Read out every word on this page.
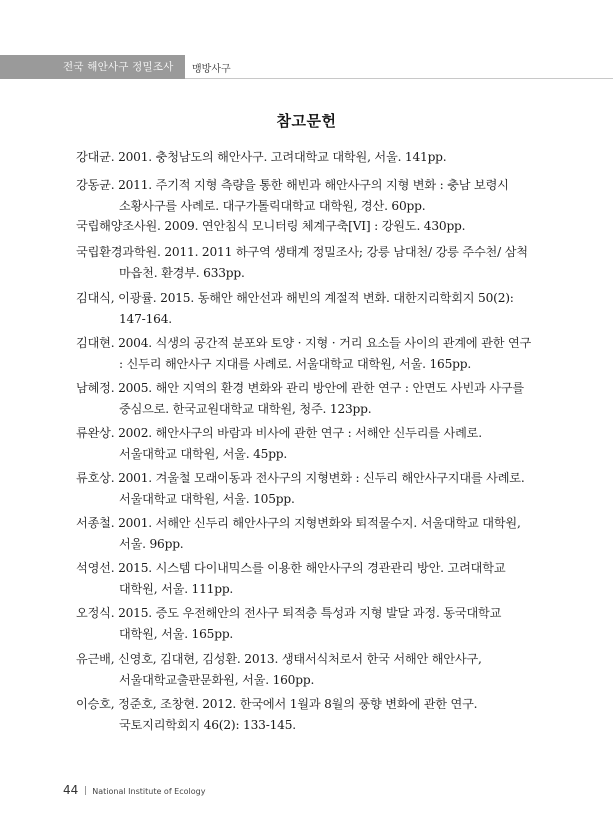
전국 해안사구 정밀조사 맹방사구
참고문헌
강대균. 2001. 충청남도의 해안사구. 고려대학교 대학원, 서울. 141pp.
강동균. 2011. 주기적 지형 측량을 통한 해빈과 해안사구의 지형 변화 : 충남 보령시
소황사구를 사례로. 대구가톨릭대학교 대학원, 경산. 60pp.
국립해양조사원. 2009. 연안침식 모니터링 체계구축[VI] : 강원도. 430pp.
국립환경과학원. 2011. 2011 하구역 생태계 정밀조사; 강릉 남대천/ 강릉 주수천/ 삼척
마읍천. 환경부. 633pp.
김대식, 이광률. 2015. 동해안 해안선과 해빈의 계절적 변화. 대한지리학회지 50(2):
147-164.
김대현. 2004. 식생의 공간적 분포와 토양 · 지형 · 거리 요소들 사이의 관계에 관한 연구
: 신두리 해안사구 지대를 사례로. 서울대학교 대학원, 서울. 165pp.
남혜정. 2005. 해안 지역의 환경 변화와 관리 방안에 관한 연구 : 안면도 사빈과 사구를
중심으로. 한국교원대학교 대학원, 청주. 123pp.
류완상. 2002. 해안사구의 바람과 비사에 관한 연구 : 서해안 신두리를 사례로.
서울대학교 대학원, 서울. 45pp.
류호상. 2001. 겨울철 모래이동과 전사구의 지형변화 : 신두리 해안사구지대를 사례로.
서울대학교 대학원, 서울. 105pp.
서종철. 2001. 서해안 신두리 해안사구의 지형변화와 퇴적물수지. 서울대학교 대학원,
서울. 96pp.
석영선. 2015. 시스템 다이내믹스를 이용한 해안사구의 경관관리 방안. 고려대학교
대학원, 서울. 111pp.
오정식. 2015. 증도 우전해안의 전사구 퇴적층 특성과 지형 발달 과정. 동국대학교
대학원, 서울. 165pp.
유근배, 신영호, 김대현, 김성환. 2013. 생태서식처로서 한국 서해안 해안사구,
서울대학교출판문화원, 서울. 160pp.
이승호, 정준호, 조창현. 2012. 한국에서 1월과 8월의 풍향 변화에 관한 연구.
국토지리학회지 46(2): 133-145.
44 National Institute of Ecology
